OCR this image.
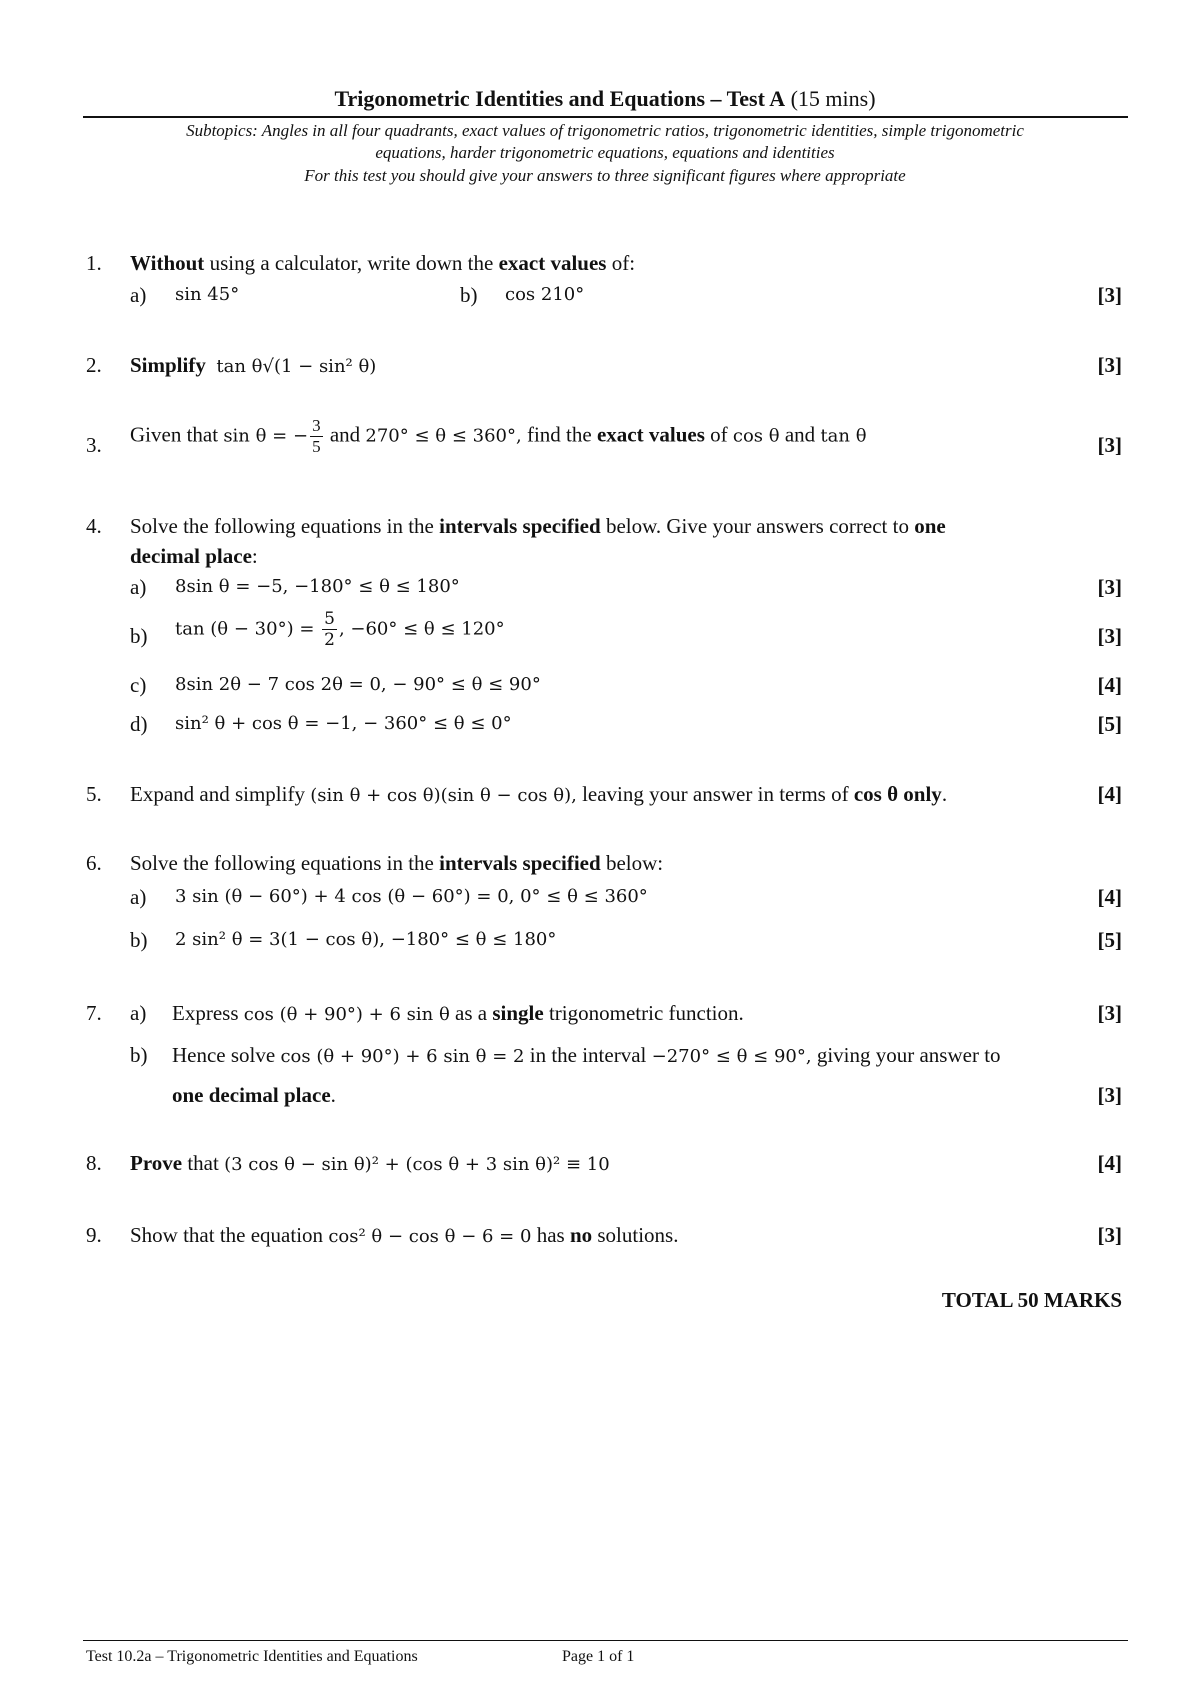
Trigonometric Identities and Equations – Test A (15 mins)
Subtopics: Angles in all four quadrants, exact values of trigonometric ratios, trigonometric identities, simple trigonometric
equations, harder trigonometric equations, equations and identities
For this test you should give your answers to three significant figures where appropriate
1. Without using a calculator, write down the exact values of:
a) sin 45°	b) cos 210°	[3]
2. Simplify tan θ√(1 − sin² θ)	[3]
3. Given that sin θ = − $\frac{3}{5}$ and 270° ≤ θ ≤ 360°, find the exact values of cos θ and tan θ	[3]
4. Solve the following equations in the intervals specified below. Give your answers correct to one
decimal place:
a) 8sin θ = −5, −180° ≤ θ ≤ 180°	[3]
b) $\tan (\theta - 30^\circ) = \frac{5}{2}$ , −60° ≤ θ ≤ 120°	[3]
c) 8sin 2θ − 7 cos 2θ = 0, − 90° ≤ θ ≤ 90°	[4]
d) sin² θ + cos θ = −1, − 360° ≤ θ ≤ 0°	[5]
5. Expand and simplify (sin θ + cos θ)(sin θ − cos θ), leaving your answer in terms of cos θ only.	[4]
6. Solve the following equations in the intervals specified below:
a) 3 sin (θ − 60°) + 4 cos (θ − 60°) = 0, 0° ≤ θ ≤ 360°	[4]
b) 2 sin² θ = 3(1 − cos θ), −180° ≤ θ ≤ 180°	[5]
7. a) Express cos (θ + 90°) + 6 sin θ as a single trigonometric function.	[3]
b) Hence solve cos (θ + 90°) + 6 sin θ = 2 in the interval −270° ≤ θ ≤ 90°, giving your answer to
one decimal place.	[3]
8. Prove that (3 cos θ − sin θ)² + (cos θ + 3 sin θ)² ≡ 10	[4]
9. Show that the equation cos² θ − cos θ − 6 = 0 has no solutions.	[3]
TOTAL 50 MARKS
Test 10.2a – Trigonometric Identities and Equations	Page 1 of 1
